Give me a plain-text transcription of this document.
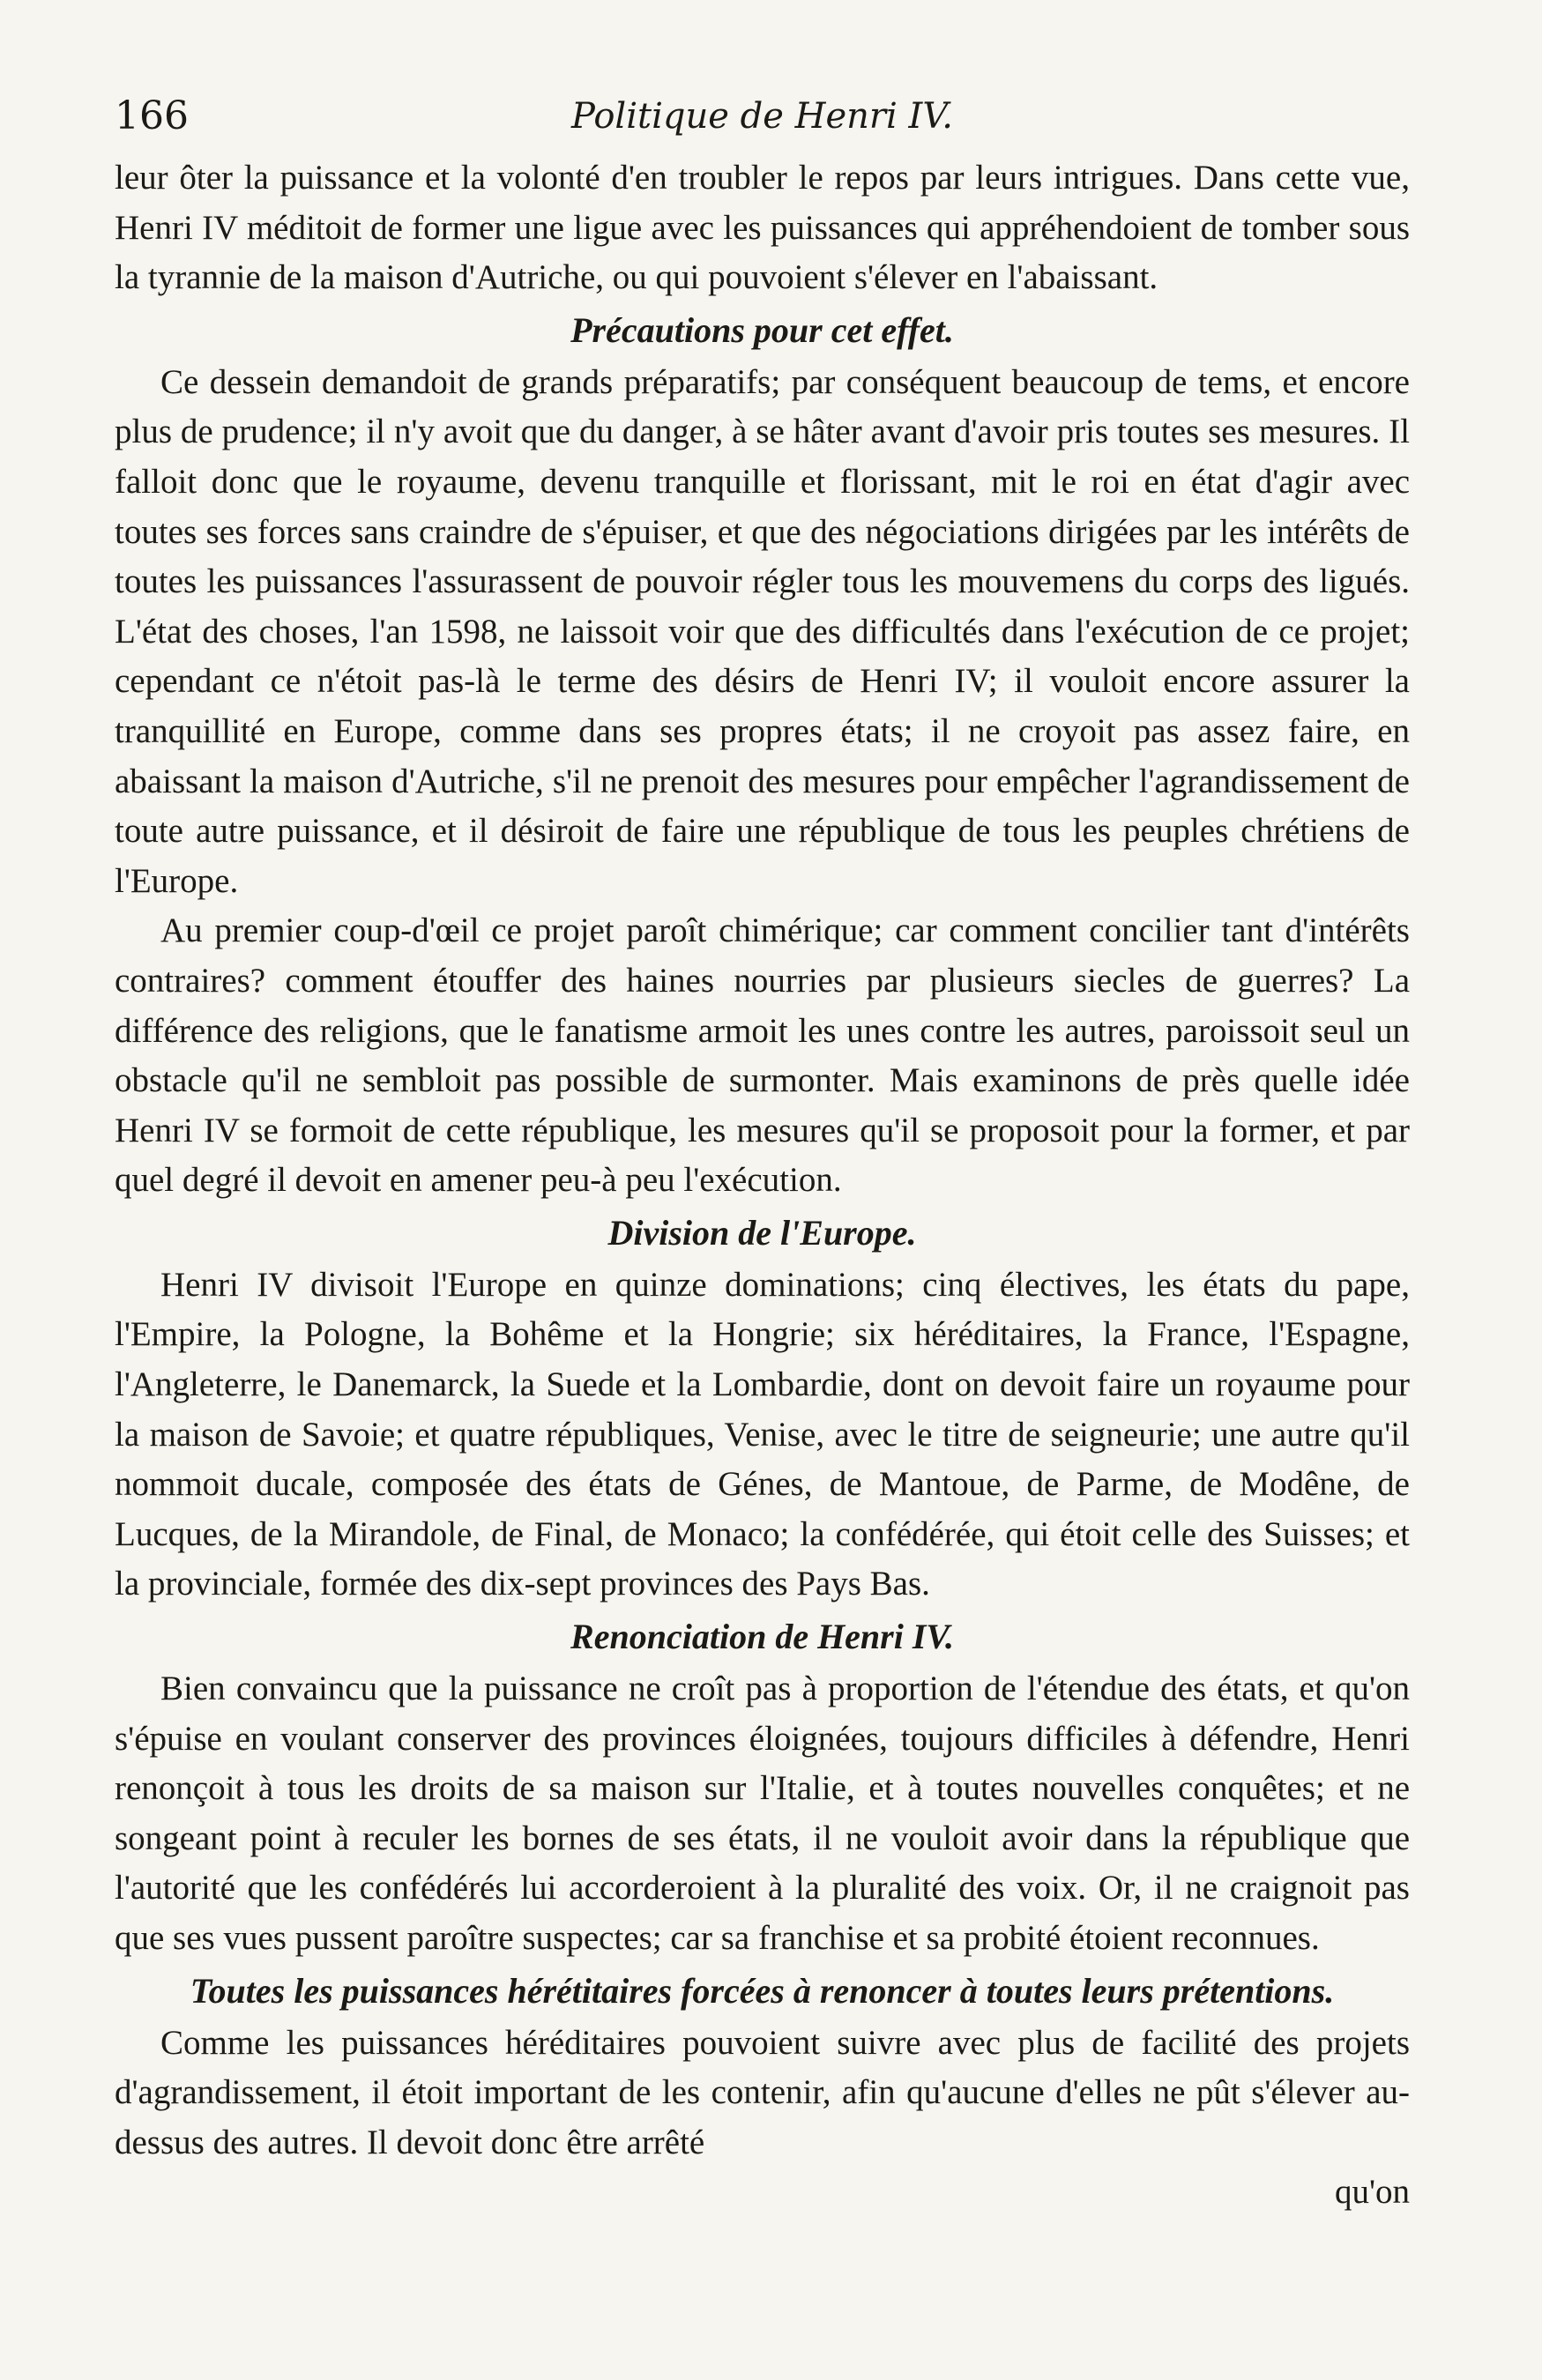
166	Politique de Henri IV.

leur ôter la puissance et la volonté d'en troubler le repos par leurs intrigues. Dans cette vue, Henri IV méditoit de former une ligue avec les puissances qui appréhendoient de tomber sous la tyrannie de la maison d'Autriche, ou qui pouvoient s'élever en l'abaissant.

Précautions pour cet effet.

Ce dessein demandoit de grands préparatifs; par conséquent beaucoup de tems, et encore plus de prudence; il n'y avoit que du danger, à se hâter avant d'avoir pris toutes ses mesures. Il falloit donc que le royaume, devenu tranquille et florissant, mit le roi en état d'agir avec toutes ses forces sans craindre de s'épuiser, et que des négociations dirigées par les intérêts de toutes les puissances l'assurassent de pouvoir régler tous les mouvemens du corps des ligués. L'état des choses, l'an 1598, ne laissoit voir que des difficultés dans l'exécution de ce projet; cependant ce n'étoit pas-là le terme des désirs de Henri IV; il vouloit encore assurer la tranquillité en Europe, comme dans ses propres états; il ne croyoit pas assez faire, en abaissant la maison d'Autriche, s'il ne prenoit des mesures pour empêcher l'agrandissement de toute autre puissance, et il désiroit de faire une république de tous les peuples chrétiens de l'Europe.

Au premier coup-d'œil ce projet paroît chimérique; car comment concilier tant d'intérêts contraires? comment étouffer des haines nourries par plusieurs siecles de guerres? La différence des religions, que le fanatisme armoit les unes contre les autres, paroissoit seul un obstacle qu'il ne sembloit pas possible de surmonter. Mais examinons de près quelle idée Henri IV se formoit de cette république, les mesures qu'il se proposoit pour la former, et par quel degré il devoit en amener peu-à peu l'exécution.

Division de l'Europe.

Henri IV divisoit l'Europe en quinze dominations; cinq électives, les états du pape, l'Empire, la Pologne, la Bohême et la Hongrie; six héréditaires, la France, l'Espagne, l'Angleterre, le Danemarck, la Suede et la Lombardie, dont on devoit faire un royaume pour la maison de Savoie; et quatre républiques, Venise, avec le titre de seigneurie; une autre qu'il nommoit ducale, composée des états de Génes, de Mantoue, de Parme, de Modêne, de Lucques, de la Mirandole, de Final, de Monaco; la confédérée, qui étoit celle des Suisses; et la provinciale, formée des dix-sept provinces des Pays Bas.

Renonciation de Henri IV.

Bien convaincu que la puissance ne croît pas à proportion de l'étendue des états, et qu'on s'épuise en voulant conserver des provinces éloignées, toujours difficiles à défendre, Henri renonçoit à tous les droits de sa maison sur l'Italie, et à toutes nouvelles conquêtes; et ne songeant point à reculer les bornes de ses états, il ne vouloit avoir dans la république que l'autorité que les confédérés lui accorderoient à la pluralité des voix. Or, il ne craignoit pas que ses vues pussent paroître suspectes; car sa franchise et sa probité étoient reconnues.

Toutes les puissances hérétitaires forcées à renoncer à toutes leurs prétentions.

Comme les puissances héréditaires pouvoient suivre avec plus de facilité des projets d'agrandissement, il étoit important de les contenir, afin qu'aucune d'elles ne pût s'élever au-dessus des autres. Il devoit donc être arrêté

qu'on
